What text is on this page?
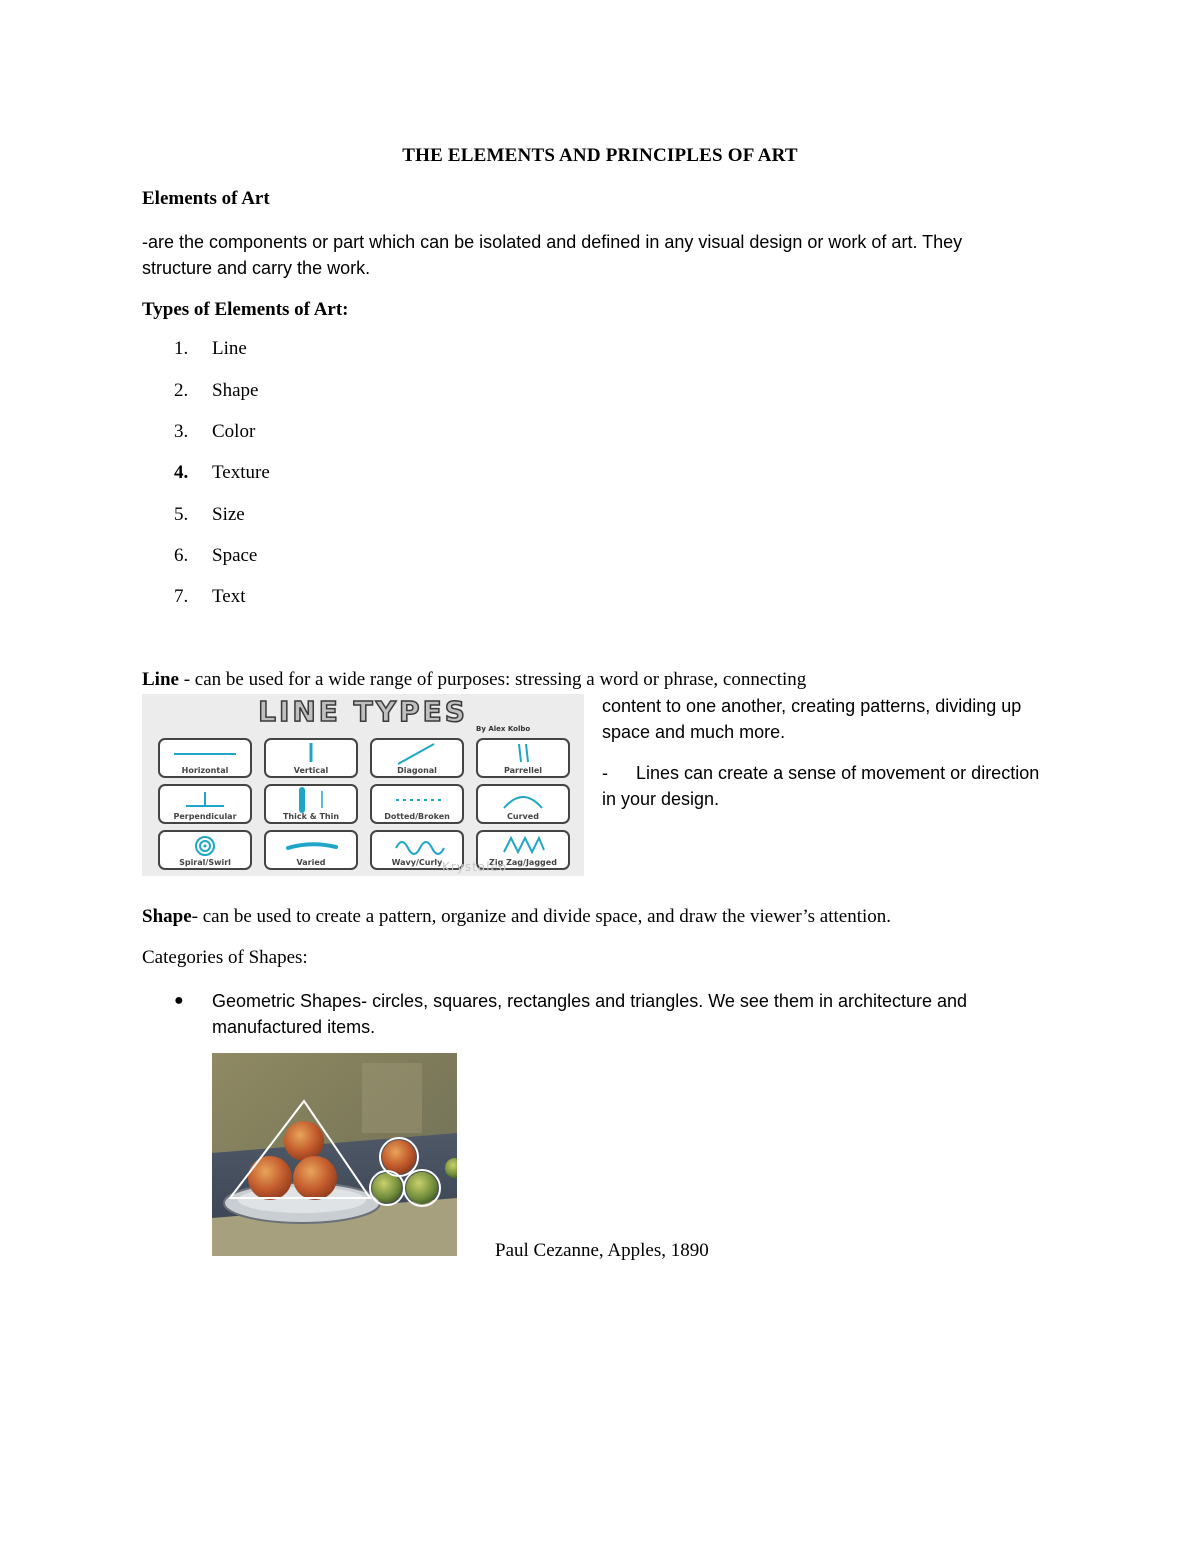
THE ELEMENTS AND PRINCIPLES OF ART
Elements of Art
-are the components or part which can be isolated and defined in any visual design or work of art. They
structure and carry the work.
Types of Elements of Art:
1. Line
2. Shape
3. Color
4. Texture
5. Size
6. Space
7. Text
Line - can be used for a wide range of purposes: stressing a word or phrase, connecting
content to one another, creating patterns, dividing up
space and much more.
- Lines can create a sense of movement or direction
in your design.
LINE TYPES
By Alex Kolbo
Horizontal	Vertical	Diagonal	Parrellel
Perpendicular	Thick & Thin	Dotted/Broken	Curved
Spiral/Swirl	Varied	Wavy/Curly	Zig Zag/Jagged
Krystaleo
Shape- can be used to create a pattern, organize and divide space, and draw the viewer’s attention.
Categories of Shapes:
● Geometric Shapes- circles, squares, rectangles and triangles. We see them in architecture and
manufactured items.
Paul Cezanne, Apples, 1890
